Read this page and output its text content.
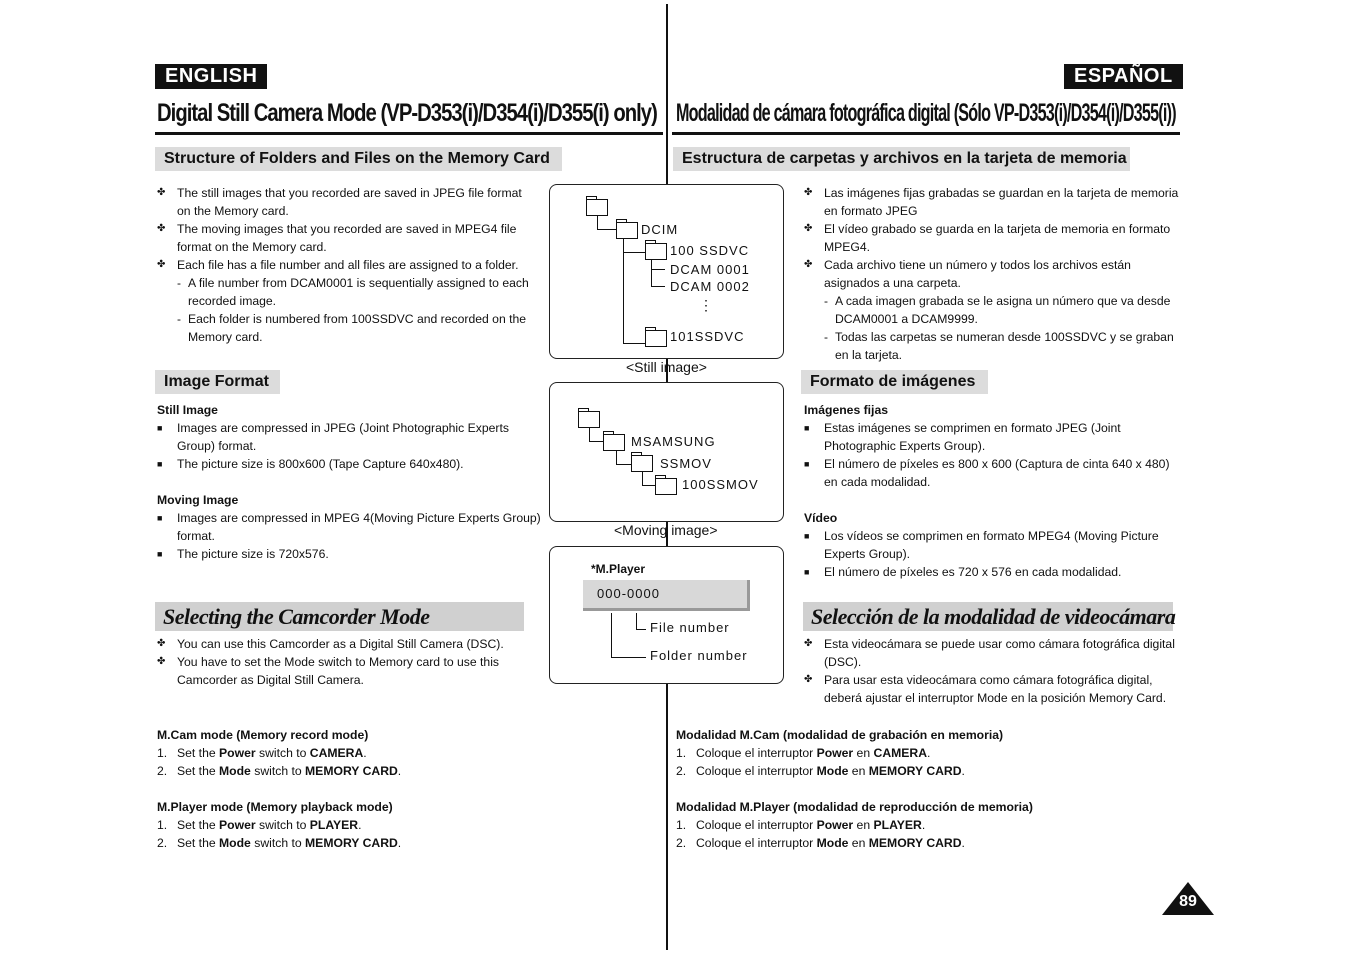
ENGLISH	ESPAÑOL
Digital Still Camera Mode (VP-D353(i)/D354(i)/D355(i) only) Modalidad de cámara fotográfica digital (Sólo VP-D353(i)/D354(i)/D355(i))
Structure of Folders and Files on the Memory Card
✤ The still images that you recorded are saved in JPEG file format on the Memory card.
✤ The moving images that you recorded are saved in MPEG4 file format on the Memory card.
✤ Each file has a file number and all files are assigned to a folder.
- A file number from DCAM0001 is sequentially assigned to each recorded image.
- Each folder is numbered from 100SSDVC and recorded on the Memory card.
Image Format
Still Image
■ Images are compressed in JPEG (Joint Photographic Experts Group) format.
■ The picture size is 800x600 (Tape Capture 640x480).
Moving Image
■ Images are compressed in MPEG 4(Moving Picture Experts Group) format.
■ The picture size is 720x576.
Selecting the Camcorder Mode
✤ You can use this Camcorder as a Digital Still Camera (DSC).
✤ You have to set the Mode switch to Memory card to use this Camcorder as Digital Still Camera.
M.Cam mode (Memory record mode)
1. Set the Power switch to CAMERA.
2. Set the Mode switch to MEMORY CARD.
M.Player mode (Memory playback mode)
1. Set the Power switch to PLAYER.
2. Set the Mode switch to MEMORY CARD.
DCIM
100 SSDVC
DCAM 0001
DCAM 0002
⋮
101SSDVC
<Still image>
MSAMSUNG
SSMOV
100SSMOV
<Moving image>
*M.Player
000-0000
File number
Folder number
Estructura de carpetas y archivos en la tarjeta de memoria
✤ Las imágenes fijas grabadas se guardan en la tarjeta de memoria en formato JPEG
✤ El vídeo grabado se guarda en la tarjeta de memoria en formato MPEG4.
✤ Cada archivo tiene un número y todos los archivos están asignados a una carpeta.
- A cada imagen grabada se le asigna un número que va desde DCAM0001 a DCAM9999.
- Todas las carpetas se numeran desde 100SSDVC y se graban en la tarjeta.
Formato de imágenes
Imágenes fijas
■ Estas imágenes se comprimen en formato JPEG (Joint Photographic Experts Group).
■ El número de píxeles es 800 x 600 (Captura de cinta 640 x 480) en cada modalidad.
Vídeo
■ Los vídeos se comprimen en formato MPEG4 (Moving Picture Experts Group).
■ El número de píxeles es 720 x 576 en cada modalidad.
Selección de la modalidad de videocámara
✤ Esta videocámara se puede usar como cámara fotográfica digital (DSC).
✤ Para usar esta videocámara como cámara fotográfica digital, deberá ajustar el interruptor Mode en la posición Memory Card.
Modalidad M.Cam (modalidad de grabación en memoria)
1. Coloque el interruptor Power en CAMERA.
2. Coloque el interruptor Mode en MEMORY CARD.
Modalidad M.Player (modalidad de reproducción de memoria)
1. Coloque el interruptor Power en PLAYER.
2. Coloque el interruptor Mode en MEMORY CARD.
89
